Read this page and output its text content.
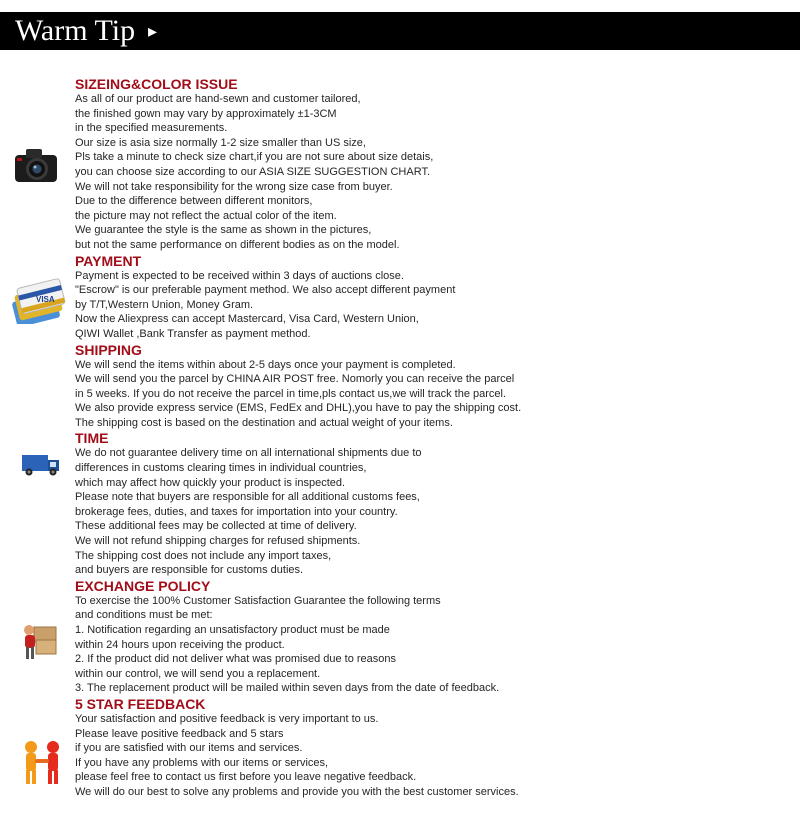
Warm Tip ▸
VISA
SIZEING&COLOR ISSUE
As all of our product are hand-sewn and customer tailored,
the finished gown may vary by approximately ±1-3CM
in the specified measurements.
Our size is asia size normally 1-2 size smaller than US size,
Pls take a minute to check size chart,if you are not sure about size detais,
you can choose size according to our ASIA SIZE SUGGESTION CHART.
We will not take responsibility for the wrong size case from buyer.
Due to the difference between different monitors,
the picture may not reflect the actual color of the item.
We guarantee the style is the same as shown in the pictures,
but not the same performance on different bodies as on the model.
PAYMENT
Payment is expected to be received within 3 days of auctions close.
"Escrow" is our preferable payment method. We also accept different payment
by T/T,Western Union, Money Gram.
Now the Aliexpress can accept Mastercard, Visa Card, Western Union,
QIWI Wallet ,Bank Transfer as payment method.
SHIPPING
We will send the items within about 2-5 days once your payment is completed.
We will send you the parcel by CHINA AIR POST free. Nomorly you can receive the parcel
in 5 weeks. If you do not receive the parcel in time,pls contact us,we will track the parcel.
We also provide express service (EMS, FedEx and DHL),you have to pay the shipping cost.
The shipping cost is based on the destination and actual weight of your items.
TIME
We do not guarantee delivery time on all international shipments due to
differences in customs clearing times in individual countries,
which may affect how quickly your product is inspected.
Please note that buyers are responsible for all additional customs fees,
brokerage fees, duties, and taxes for importation into your country.
These additional fees may be collected at time of delivery.
We will not refund shipping charges for refused shipments.
The shipping cost does not include any import taxes,
and buyers are responsible for customs duties.
EXCHANGE POLICY
To exercise the 100% Customer Satisfaction Guarantee the following terms
and conditions must be met:
1. Notification regarding an unsatisfactory product must be made
within 24 hours upon receiving the product.
2. If the product did not deliver what was promised due to reasons
within our control, we will send you a replacement.
3. The replacement product will be mailed within seven days from the date of feedback.
5 STAR FEEDBACK
Your satisfaction and positive feedback is very important to us.
Please leave positive feedback and 5 stars
if you are satisfied with our items and services.
If you have any problems with our items or services,
please feel free to contact us first before you leave negative feedback.
We will do our best to solve any problems and provide you with the best customer services.
